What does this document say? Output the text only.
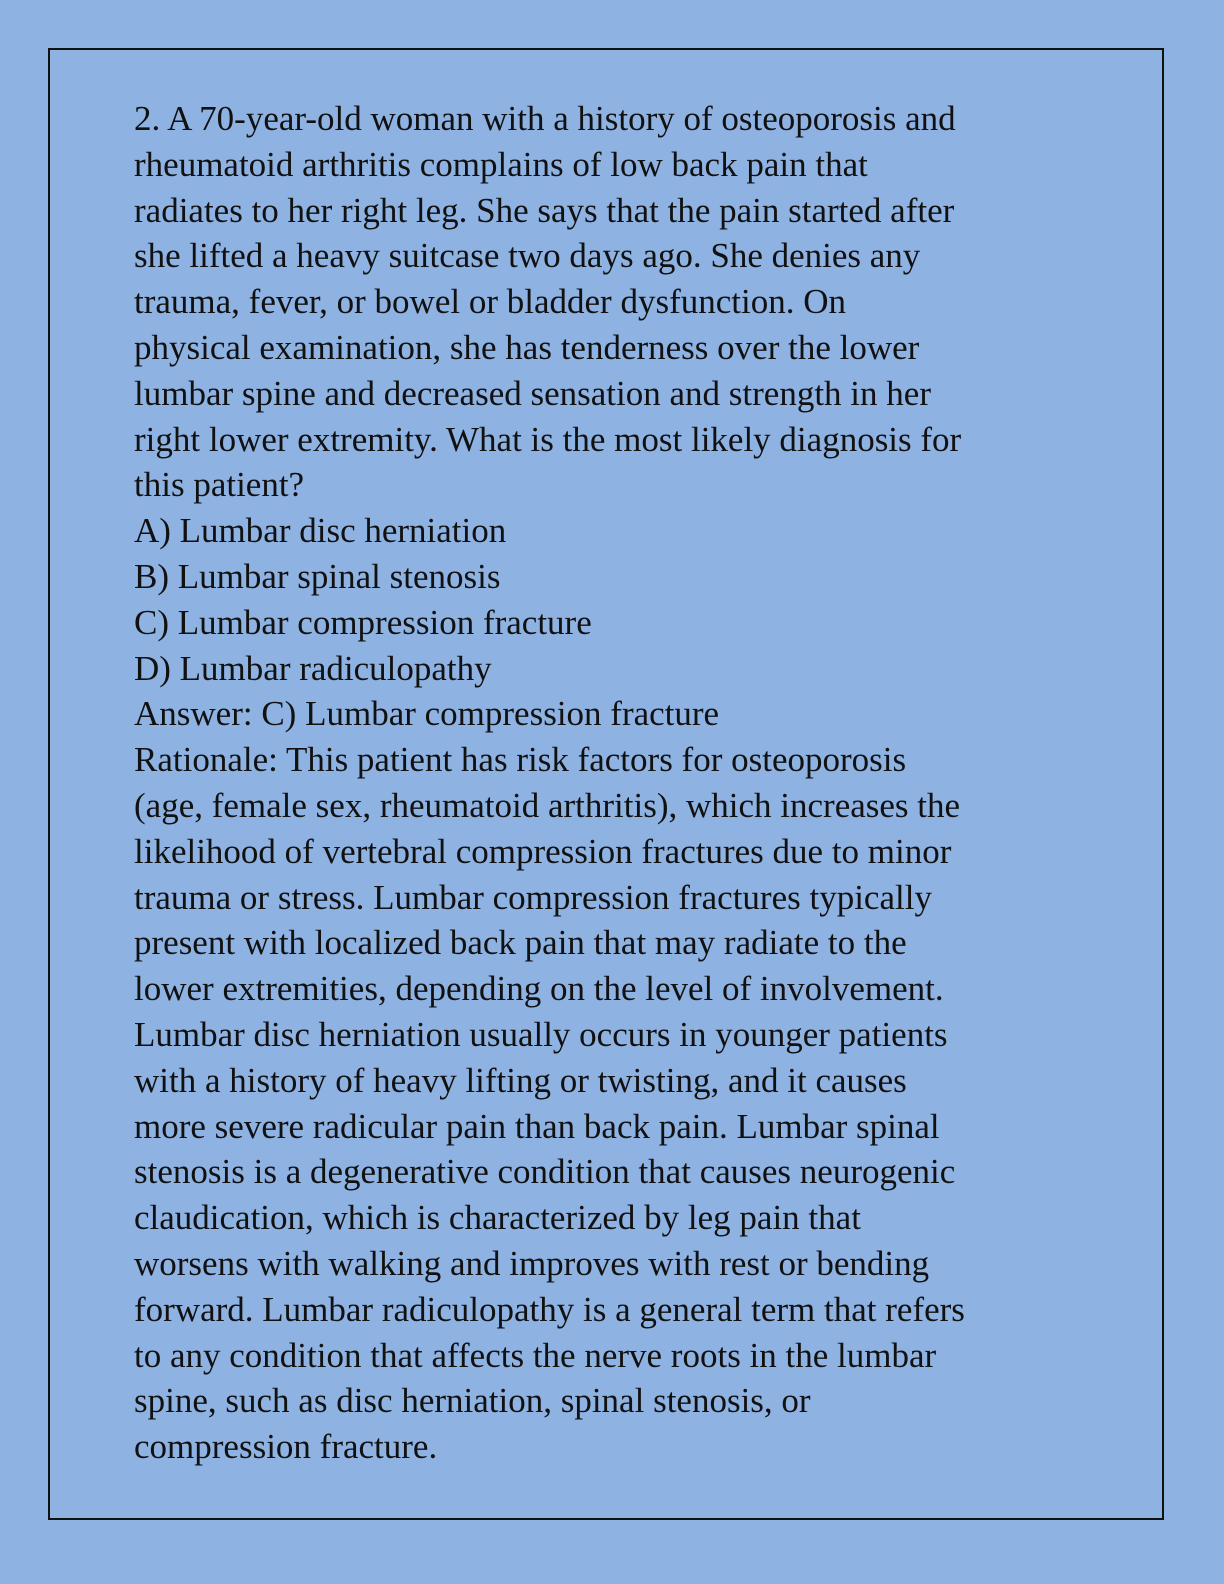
2. A 70-year-old woman with a history of osteoporosis and
rheumatoid arthritis complains of low back pain that
radiates to her right leg. She says that the pain started after
she lifted a heavy suitcase two days ago. She denies any
trauma, fever, or bowel or bladder dysfunction. On
physical examination, she has tenderness over the lower
lumbar spine and decreased sensation and strength in her
right lower extremity. What is the most likely diagnosis for
this patient?
A) Lumbar disc herniation
B) Lumbar spinal stenosis
C) Lumbar compression fracture
D) Lumbar radiculopathy
Answer: C) Lumbar compression fracture
Rationale: This patient has risk factors for osteoporosis
(age, female sex, rheumatoid arthritis), which increases the
likelihood of vertebral compression fractures due to minor
trauma or stress. Lumbar compression fractures typically
present with localized back pain that may radiate to the
lower extremities, depending on the level of involvement.
Lumbar disc herniation usually occurs in younger patients
with a history of heavy lifting or twisting, and it causes
more severe radicular pain than back pain. Lumbar spinal
stenosis is a degenerative condition that causes neurogenic
claudication, which is characterized by leg pain that
worsens with walking and improves with rest or bending
forward. Lumbar radiculopathy is a general term that refers
to any condition that affects the nerve roots in the lumbar
spine, such as disc herniation, spinal stenosis, or
compression fracture.
